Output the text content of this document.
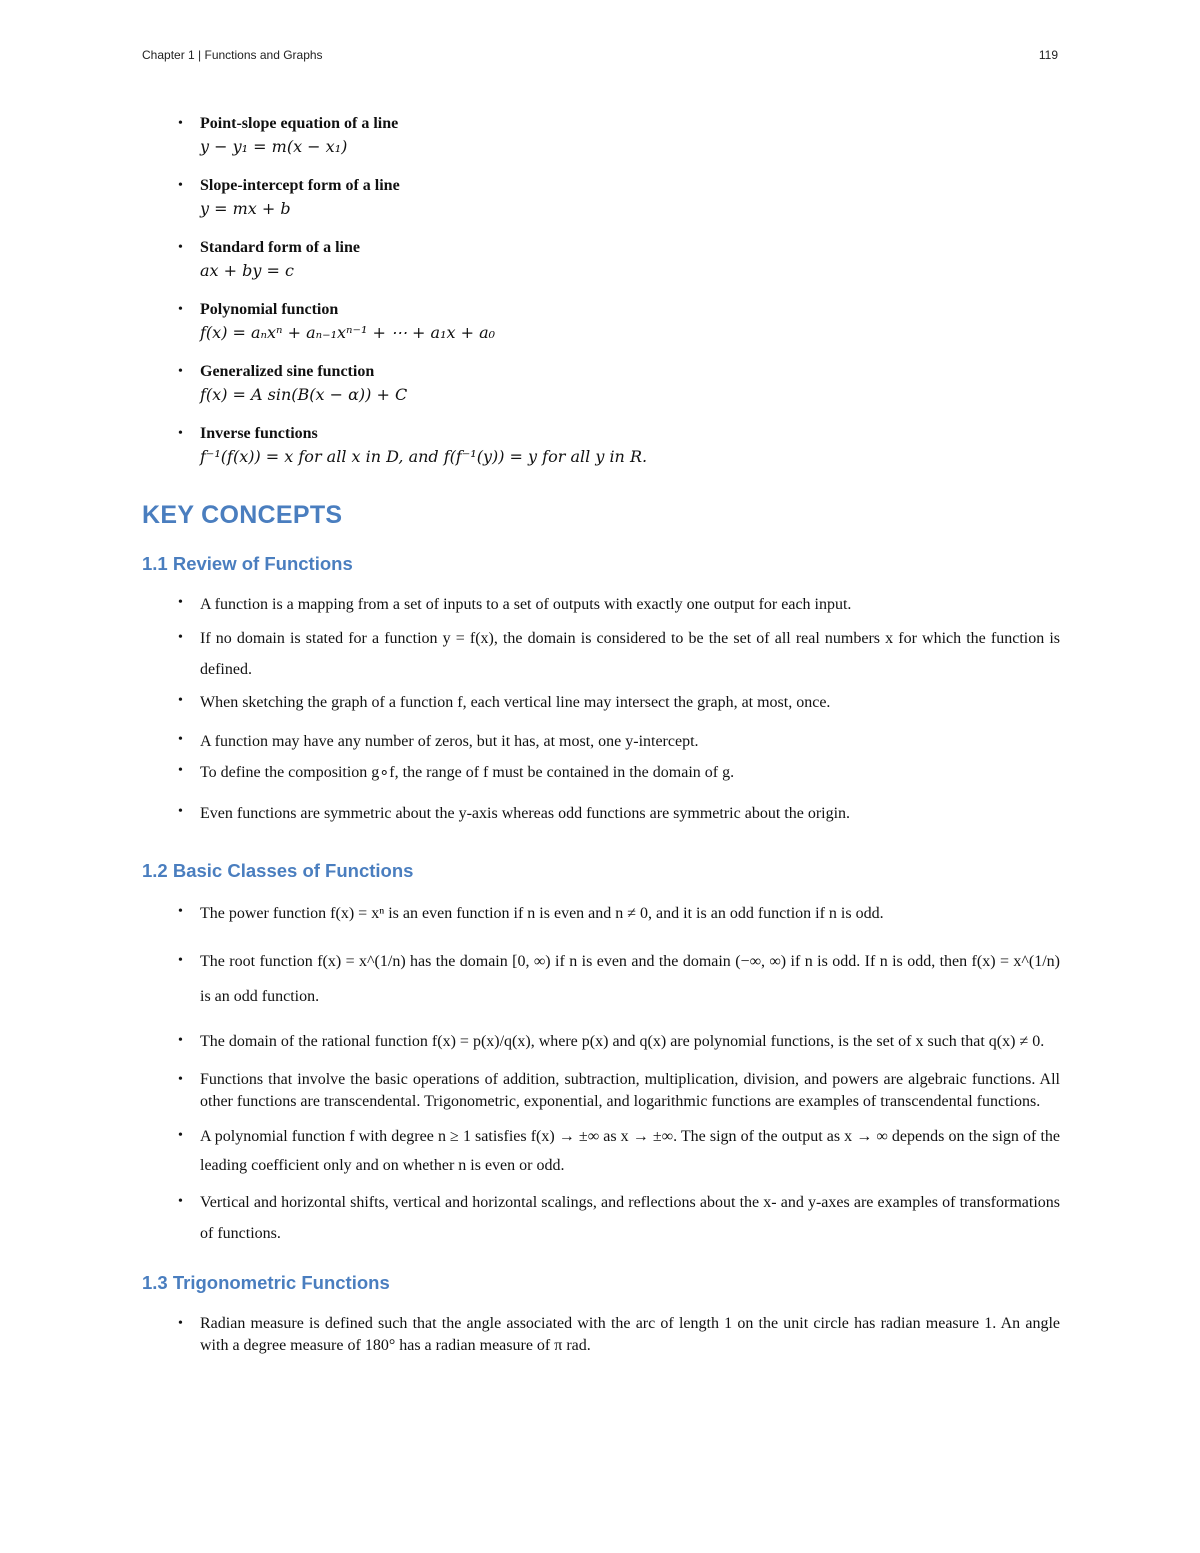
Chapter 1 | Functions and Graphs	119
• Point-slope equation of a line
y − y₁ = m(x − x₁)
• Slope-intercept form of a line
y = mx + b
• Standard form of a line
ax + by = c
• Polynomial function
f(x) = aₙxⁿ + aₙ₋₁xⁿ⁻¹ + ⋯ + a₁x + a₀
• Generalized sine function
f(x) = A sin(B(x − α)) + C
• Inverse functions
f⁻¹(f(x)) = x for all x in D, and f(f⁻¹(y)) = y for all y in R.
KEY CONCEPTS
1.1 Review of Functions
• A function is a mapping from a set of inputs to a set of outputs with exactly one output for each input.
• If no domain is stated for a function y = f(x), the domain is considered to be the set of all real numbers x for which the function is defined.
• When sketching the graph of a function f, each vertical line may intersect the graph, at most, once.
• A function may have any number of zeros, but it has, at most, one y-intercept.
• To define the composition g∘f, the range of f must be contained in the domain of g.
• Even functions are symmetric about the y-axis whereas odd functions are symmetric about the origin.
1.2 Basic Classes of Functions
• The power function f(x) = xⁿ is an even function if n is even and n ≠ 0, and it is an odd function if n is odd.
• The root function f(x) = x^(1/n) has the domain [0, ∞) if n is even and the domain (−∞, ∞) if n is odd. If n is odd, then f(x) = x^(1/n) is an odd function.
• The domain of the rational function f(x) = p(x)/q(x), where p(x) and q(x) are polynomial functions, is the set of x such that q(x) ≠ 0.
• Functions that involve the basic operations of addition, subtraction, multiplication, division, and powers are algebraic functions. All other functions are transcendental. Trigonometric, exponential, and logarithmic functions are examples of transcendental functions.
• A polynomial function f with degree n ≥ 1 satisfies f(x) → ±∞ as x → ±∞. The sign of the output as x → ∞ depends on the sign of the leading coefficient only and on whether n is even or odd.
• Vertical and horizontal shifts, vertical and horizontal scalings, and reflections about the x- and y-axes are examples of transformations of functions.
1.3 Trigonometric Functions
• Radian measure is defined such that the angle associated with the arc of length 1 on the unit circle has radian measure 1. An angle with a degree measure of 180° has a radian measure of π rad.
